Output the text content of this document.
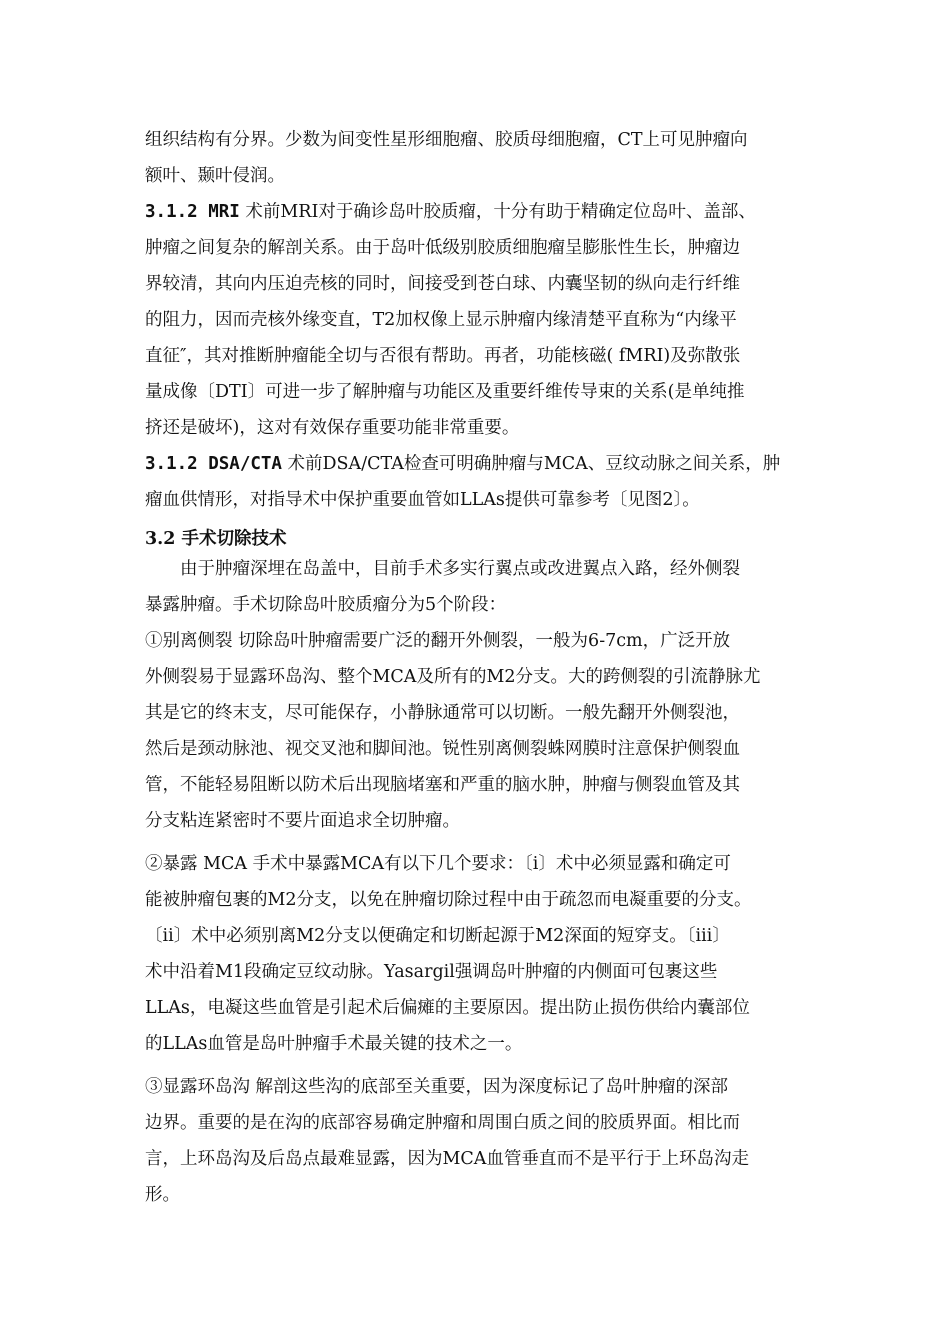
组织结构有分界。少数为间变性星形细胞瘤、胶质母细胞瘤，CT上可见肿瘤向
额叶、颞叶侵润。
3.1.2 MRI 术前MRI对于确诊岛叶胶质瘤，十分有助于精确定位岛叶、盖部、
肿瘤之间复杂的解剖关系。由于岛叶低级别胶质细胞瘤呈膨胀性生长，肿瘤边
界较清，其向内压迫壳核的同时，间接受到苍白球、内囊坚韧的纵向走行纤维
的阻力，因而壳核外缘变直，T2加权像上显示肿瘤内缘清楚平直称为“内缘平
直征″，其对推断肿瘤能全切与否很有帮助。再者，功能核磁( fMRI)及弥散张
量成像〔DTI〕可进一步了解肿瘤与功能区及重要纤维传导束的关系(是单纯推
挤还是破坏)，这对有效保存重要功能非常重要。
3.1.2 DSA/CTA 术前DSA/CTA检查可明确肿瘤与MCA、豆纹动脉之间关系，肿
瘤血供情形，对指导术中保护重要血管如LLAs提供可靠参考〔见图2〕。
3.2 手术切除技术
由于肿瘤深埋在岛盖中，目前手术多实行翼点或改进翼点入路，经外侧裂
暴露肿瘤。手术切除岛叶胶质瘤分为5个阶段：
①别离侧裂 切除岛叶肿瘤需要广泛的翻开外侧裂，一般为6-7cm，广泛开放
外侧裂易于显露环岛沟、整个MCA及所有的M2分支。大的跨侧裂的引流静脉尤
其是它的终末支，尽可能保存，小静脉通常可以切断。一般先翻开外侧裂池，
然后是颈动脉池、视交叉池和脚间池。锐性别离侧裂蛛网膜时注意保护侧裂血
管，不能轻易阻断以防术后出现脑堵塞和严重的脑水肿，肿瘤与侧裂血管及其
分支粘连紧密时不要片面追求全切肿瘤。
②暴露 MCA 手术中暴露MCA有以下几个要求：〔ⅰ〕术中必须显露和确定可
能被肿瘤包裹的M2分支，以免在肿瘤切除过程中由于疏忽而电凝重要的分支。
〔ⅱ〕术中必须别离M2分支以便确定和切断起源于M2深面的短穿支。〔ⅲ〕
术中沿着M1段确定豆纹动脉。Yasargil强调岛叶肿瘤的内侧面可包裹这些
LLAs，电凝这些血管是引起术后偏瘫的主要原因。提出防止损伤供给内囊部位
的LLAs血管是岛叶肿瘤手术最关键的技术之一。
③显露环岛沟 解剖这些沟的底部至关重要，因为深度标记了岛叶肿瘤的深部
边界。重要的是在沟的底部容易确定肿瘤和周围白质之间的胶质界面。相比而
言，上环岛沟及后岛点最难显露，因为MCA血管垂直而不是平行于上环岛沟走
形。
